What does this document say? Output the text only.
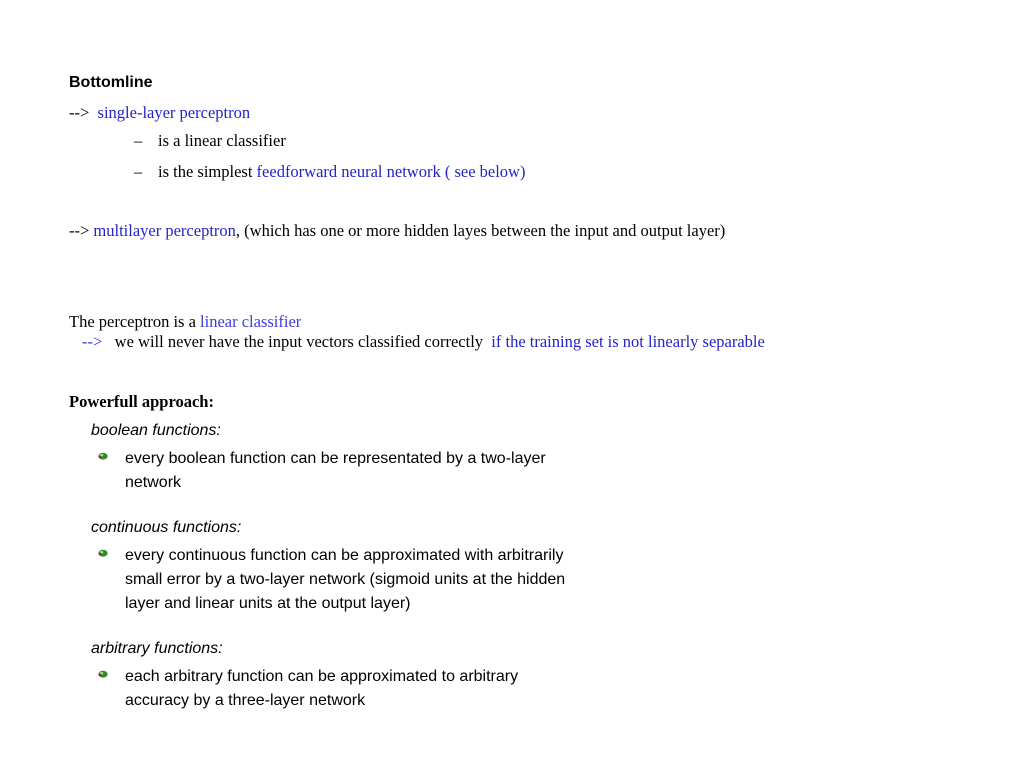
Bottomline
--> single-layer perceptron
– is a linear classifier
– is the simplest feedforward neural network ( see below)
--> multilayer perceptron, (which has one or more hidden layes between the input and output layer)
The perceptron is a linear classifier
--> we will never have the input vectors classified correctly if the training set is not linearly separable
Powerfull approach:
boolean functions:
every boolean function can be representated by a two-layer
network
continuous functions:
every continuous function can be approximated with arbitrarily
small error by a two-layer network (sigmoid units at the hidden
layer and linear units at the output layer)
arbitrary functions:
each arbitrary function can be approximated to arbitrary
accuracy by a three-layer network
